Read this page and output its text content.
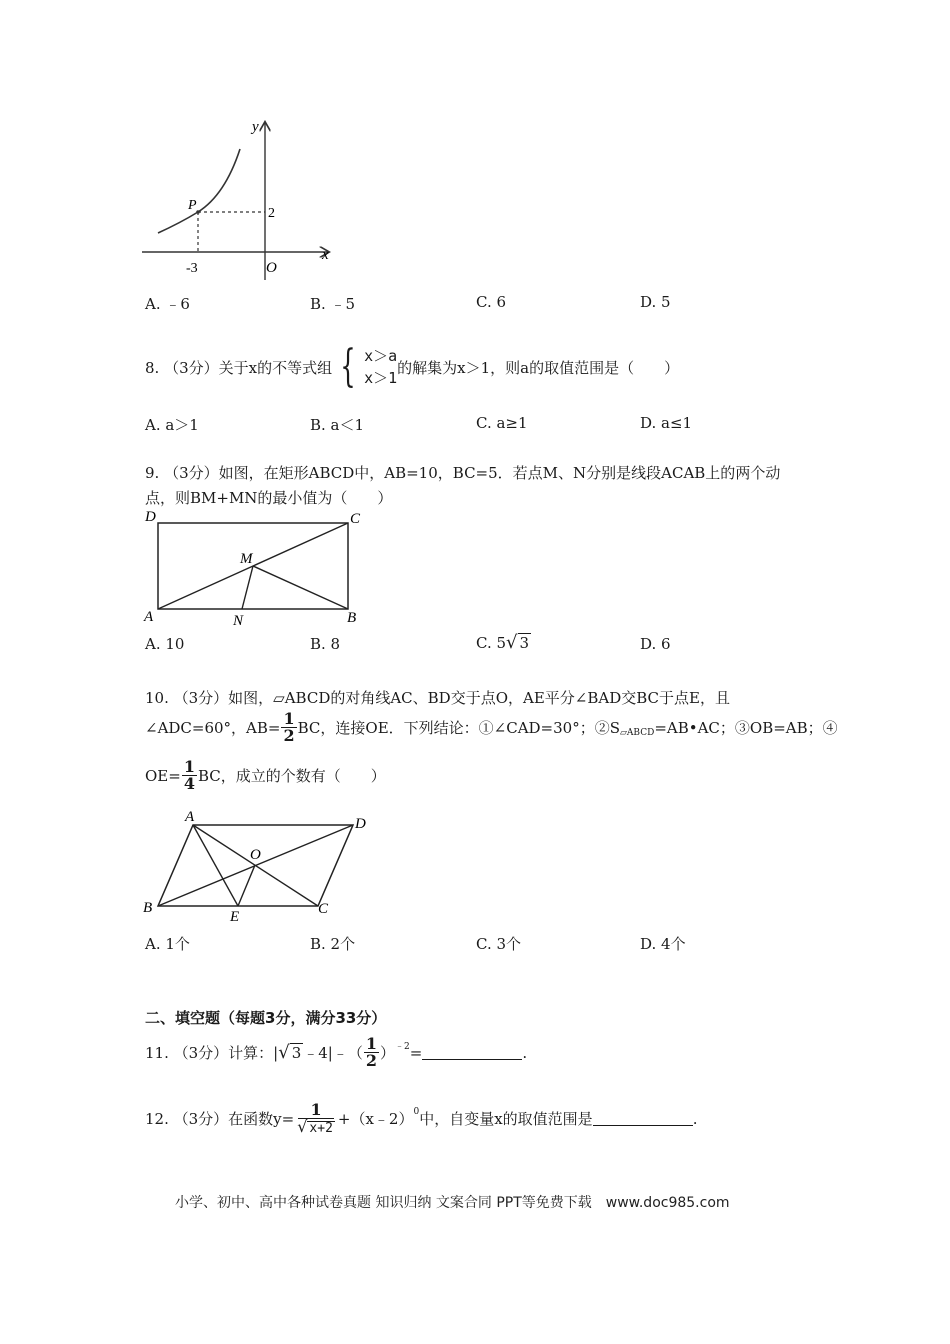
y
x
P
2
-3	O
A. ﹣6	B. ﹣5	C. 6	D. 5
8. （3分）关于x的不等式组 { x＞a
x＞1
的解集为x＞1，则a的取值范围是（　　）
A. a＞1	B. a＜1	C. a≥1	D. a≤1
9. （3分）如图，在矩形ABCD中，AB=10，BC=5．若点M、N分别是线段ACAB上的两个动
点，则BM+MN的最小值为（　　）
D	C
A	B
M
N
A. 10	B. 8	C. 5√ 3	D. 6
10. （3分）如图，▱ABCD的对角线AC、BD交于点O，AE平分∠BAD交BC于点E，且
∠ADC=60°，$AB= \frac{1}{2}$ BC，连接OE．下列结论：①∠CAD=30°；②S ▱ABCD =AB•AC；③OB=AB；④
$OE= \frac{1}{4}$ BC，成立的个数有（　　）
A	D
O
B
E	C
A. 1个	B. 2个	C. 3个	D. 4个
二、填空题（每题3分，满分33分）
11. （3分）计算：| √ 3 ﹣4|﹣（ $\frac{1}{2}$ ） ﹣2 =	.
12. （3分）在函数$y= \frac{1}{√ x+2}$ +（x﹣2） 0 中，自变量x的取值范围是	.
小学、初中、高中各种试卷真题 知识归纳 文案合同 PPT等免费下载　www.doc985.com
